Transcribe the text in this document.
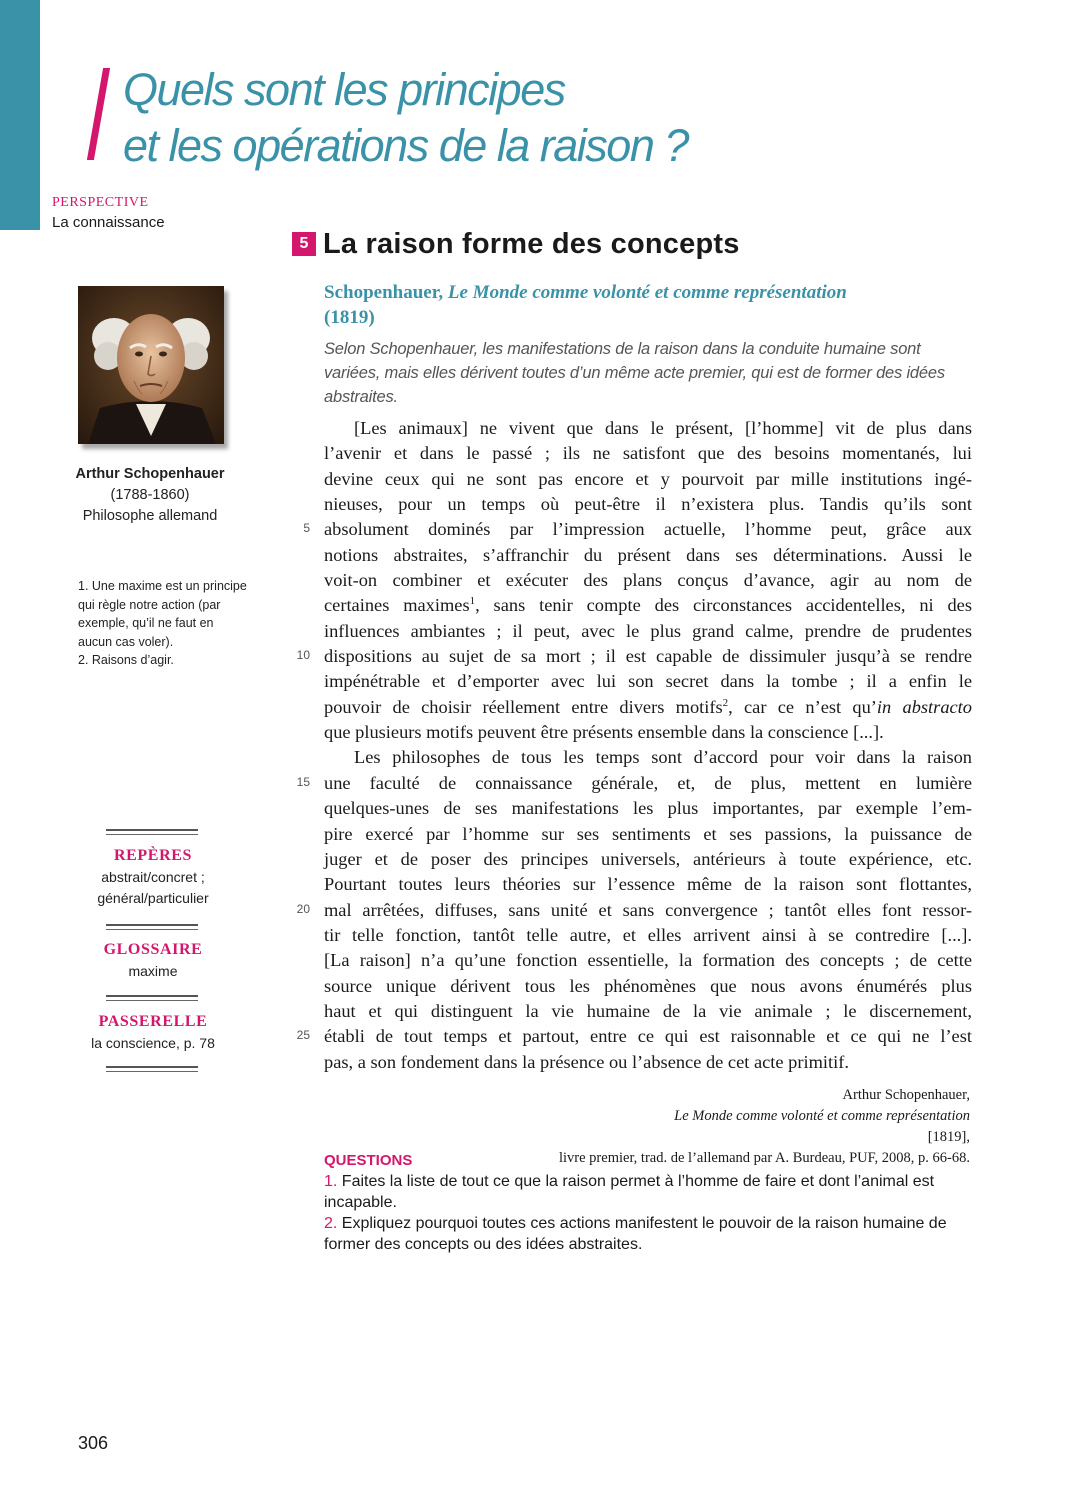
Quels sont les principes
et les opérations de la raison ?
PERSPECTIVE
La connaissance
Arthur Schopenhauer
(1788-1860)
Philosophe allemand

1. Une maxime est un principe qui règle notre action (par exemple, qu’il ne faut en aucun cas voler).

2. Raisons d’agir.

REPÈRES
abstrait/concret ;
général/particulier
GLOSSAIRE
maxime
PASSERELLE
la conscience, p. 78
5 La raison forme des concepts
Schopenhauer, Le Monde comme volonté et comme représentation
(1819)
Selon Schopenhauer, les manifestations de la raison dans la conduite humaine sont variées, mais elles dérivent toutes d’un même acte premier, qui est de former des idées abstraites.
5
10
15
20
25
[Les animaux] ne vivent que dans le présent, [l’homme] vit de plus dans
l’avenir et dans le passé ; ils ne satisfont que des besoins momentanés, lui
devine ceux qui ne sont pas encore et y pourvoit par mille institutions ingé-
nieuses, pour un temps où peut-être il n’existera plus. Tandis qu’ils sont
absolument dominés par l’impression actuelle, l’homme peut, grâce aux
notions abstraites, s’affranchir du présent dans ses déterminations. Aussi le
voit-on combiner et exécuter des plans conçus d’avance, agir au nom de
certaines maximes$^1$, sans tenir compte des circonstances accidentelles, ni des
influences ambiantes ; il peut, avec le plus grand calme, prendre de prudentes
dispositions au sujet de sa mort ; il est capable de dissimuler jusqu’à se rendre
impénétrable et d’emporter avec lui son secret dans la tombe ; il a enfin le
pouvoir de choisir réellement entre divers motifs$^2$, car ce n’est qu’in abstracto
que plusieurs motifs peuvent être présents ensemble dans la conscience [...].
Les philosophes de tous les temps sont d’accord pour voir dans la raison
une faculté de connaissance générale, et, de plus, mettent en lumière
quelques-unes de ses manifestations les plus importantes, par exemple l’em-
pire exercé par l’homme sur ses sentiments et ses passions, la puissance de
juger et de poser des principes universels, antérieurs à toute expérience, etc.
Pourtant toutes leurs théories sur l’essence même de la raison sont flottantes,
mal arrêtées, diffuses, sans unité et sans convergence ; tantôt elles font ressor-
tir telle fonction, tantôt telle autre, et elles arrivent ainsi à se contredire [...].
[La raison] n’a qu’une fonction essentielle, la formation des concepts ; de cette
source unique dérivent tous les phénomènes que nous avons énumérés plus
haut et qui distinguent la vie humaine de la vie animale ; le discernement,
établi de tout temps et partout, entre ce qui est raisonnable et ce qui ne l’est
pas, a son fondement dans la présence ou l’absence de cet acte primitif.
Arthur Schopenhauer,
Le Monde comme volonté et comme représentation
[1819],
livre premier, trad. de l’allemand par A. Burdeau, PUF, 2008, p. 66-68.
QUESTIONS
1. Faites la liste de tout ce que la raison permet à l’homme de faire et dont l’animal est incapable.
2. Expliquez pourquoi toutes ces actions manifestent le pouvoir de la raison humaine de former des concepts ou des idées abstraites.
306
